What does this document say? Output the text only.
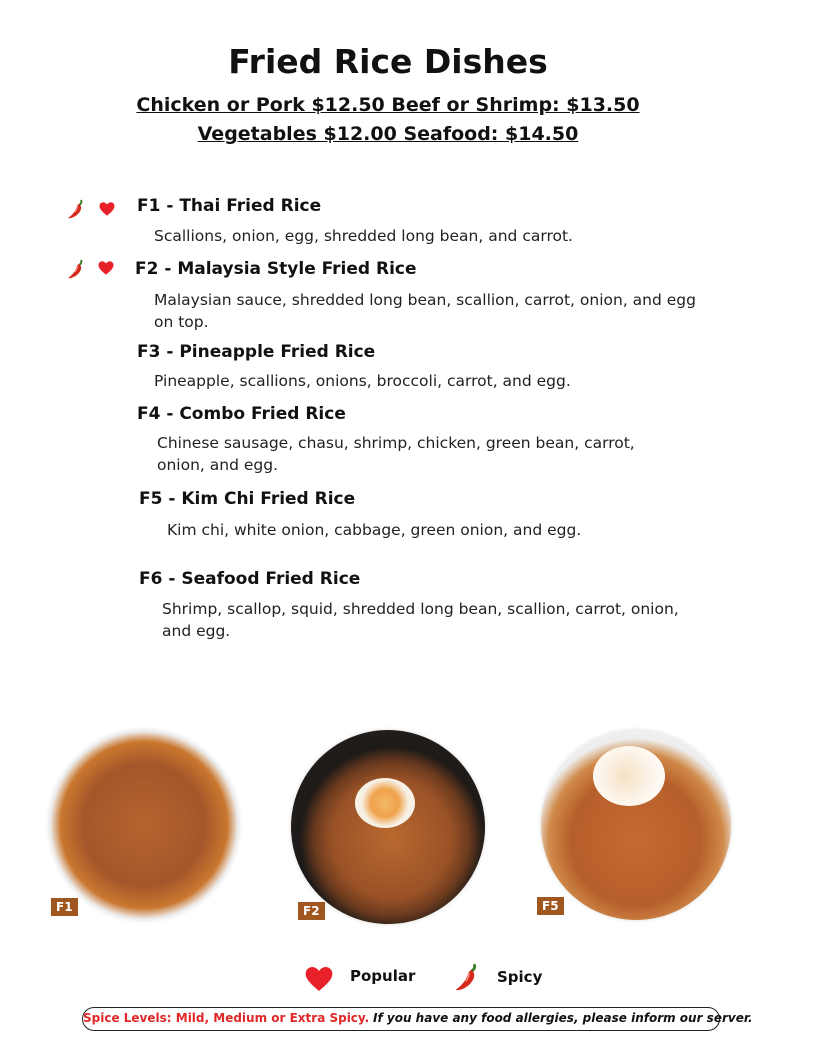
Fried Rice Dishes
Chicken or Pork $12.50 Beef or Shrimp: $13.50
Vegetables $12.00 Seafood: $14.50
F1 - Thai Fried Rice
Scallions, onion, egg, shredded long bean, and carrot.
F2 - Malaysia Style Fried Rice
Malaysian sauce, shredded long bean, scallion, carrot, onion, and egg on top.
F3 - Pineapple Fried Rice
Pineapple, scallions, onions, broccoli, carrot, and egg.
F4 - Combo Fried Rice
Chinese sausage, chasu, shrimp, chicken, green bean, carrot, onion, and egg.
F5 - Kim Chi Fried Rice
Kim chi, white onion, cabbage, green onion, and egg.
F6 - Seafood Fried Rice
Shrimp, scallop, squid, shredded long bean, scallion, carrot, onion, and egg.
F1	F2	F5
Popular	Spicy
Spice Levels: Mild, Medium or Extra Spicy. If you have any food allergies, please inform our server.
